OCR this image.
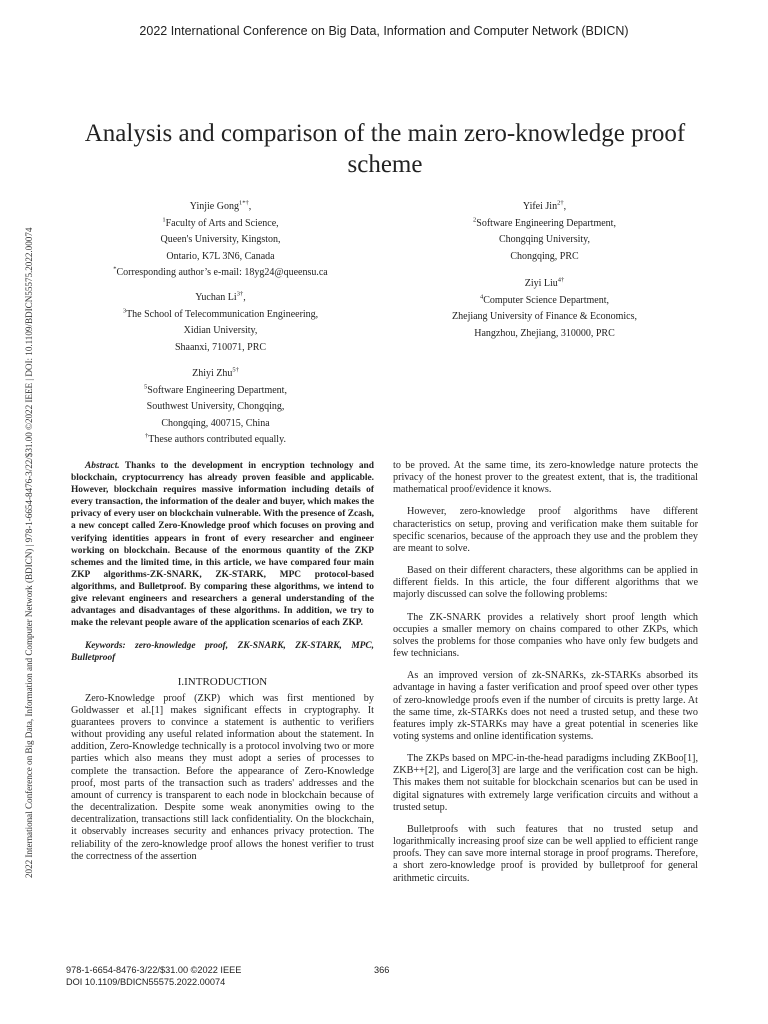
2022 International Conference on Big Data, Information and Computer Network (BDICN)
2022 International Conference on Big Data, Information and Computer Network (BDICN) | 978-1-6654-8476-3/22/$31.00 ©2022 IEEE | DOI: 10.1109/BDICN55575.2022.00074
Analysis and comparison of the main zero-knowledge proof scheme
Yinjie Gong$^{1*\dagger}$,
$^1$Faculty of Arts and Science,
Queen's University, Kingston,
Ontario, K7L 3N6, Canada
*Corresponding author’s e-mail: 18yg24@queensu.ca
Yifei Jin$^{2\dagger}$,
$^2$Software Engineering Department,
Chongqing University,
Chongqing, PRC
Yuchan $Li^{3\dagger}$,
$^3$The School of Telecommunication Engineering,
Xidian University,
Shaanxi, 710071, PRC
Ziyi Liu$^{4\dagger}$
$^4$Computer Science Department,
Zhejiang University of Finance & Economics,
Hangzhou, Zhejiang, 310000, PRC
Zhiyi Zhu$^{5\dagger}$
$^5$Software Engineering Department,
Southwest University, Chongqing,
Chongqing, 400715, China
†These authors contributed equally.

Abstract. Thanks to the development in encryption technology and blockchain, cryptocurrency has already proven feasible and applicable. However, blockchain requires massive information including details of every transaction, the information of the dealer and buyer, which makes the privacy of every user on blockchain vulnerable. With the presence of Zcash, a new concept called Zero-Knowledge proof which focuses on proving and verifying identities appears in front of every researcher and engineer working on blockchain. Because of the enormous quantity of the ZKP schemes and the limited time, in this article, we have compared four main ZKP algorithms-ZK-SNARK, ZK-STARK, MPC protocol-based algorithms, and Bulletproof. By comparing these algorithms, we intend to give relevant engineers and researchers a general understanding of the advantages and disadvantages of these algorithms. In addition, we try to make the relevant people aware of the application scenarios of each ZKP.

Keywords: zero-knowledge proof, ZK-SNARK, ZK-STARK, MPC, Bulletproof

I.INTRODUCTION

Zero-Knowledge proof (ZKP) which was first mentioned by Goldwasser et al.[1] makes significant effects in cryptography. It guarantees provers to convince a statement is authentic to verifiers without providing any useful related information about the statement. In addition, Zero-Knowledge technically is a protocol involving two or more parties which also means they must adopt a series of processes to complete the transaction. Before the appearance of Zero-Knowledge proof, most parts of the transaction such as traders' addresses and the amount of currency is transparent to each node in blockchain because of the decentralization. Despite some weak anonymities owing to the decentralization, transactions still lack confidentiality. On the blockchain, it observably increases security and enhances privacy protection. The reliability of the zero-knowledge proof allows the honest verifier to trust the correctness of the assertion

to be proved. At the same time, its zero-knowledge nature protects the privacy of the honest prover to the greatest extent, that is, the traditional mathematical proof/evidence it knows.

However, zero-knowledge proof algorithms have different characteristics on setup, proving and verification make them suitable for specific scenarios, because of the approach they use and the problem they are meant to solve.

Based on their different characters, these algorithms can be applied in different fields. In this article, the four different algorithms that we majorly discussed can solve the following problems:

The ZK-SNARK provides a relatively short proof length which occupies a smaller memory on chains compared to other ZKPs, which solves the problems for those companies who have only few budgets and few technicians.

As an improved version of zk-SNARKs, zk-STARKs absorbed its advantage in having a faster verification and proof speed over other types of zero-knowledge proofs even if the number of circuits is pretty large. At the same time, zk-STARKs does not need a trusted setup, and these two features imply zk-STARKs may have a great potential in sceneries like voting systems and online identification systems.

The ZKPs based on MPC-in-the-head paradigms including ZKBoo[1], ZKB++[2], and Ligero[3] are large and the verification cost can be high. This makes them not suitable for blockchain scenarios but can be used in digital signatures with extremely large verification circuits and without a trusted setup.

Bulletproofs with such features that no trusted setup and logarithmically increasing proof size can be well applied to efficient range proofs. They can save more internal storage in proof programs. Therefore, a short zero-knowledge proof is provided by bulletproof for general arithmetic circuits.

978-1-6654-8476-3/22/$31.00 ©2022 IEEE
DOI 10.1109/BDICN55575.2022.00074
366
